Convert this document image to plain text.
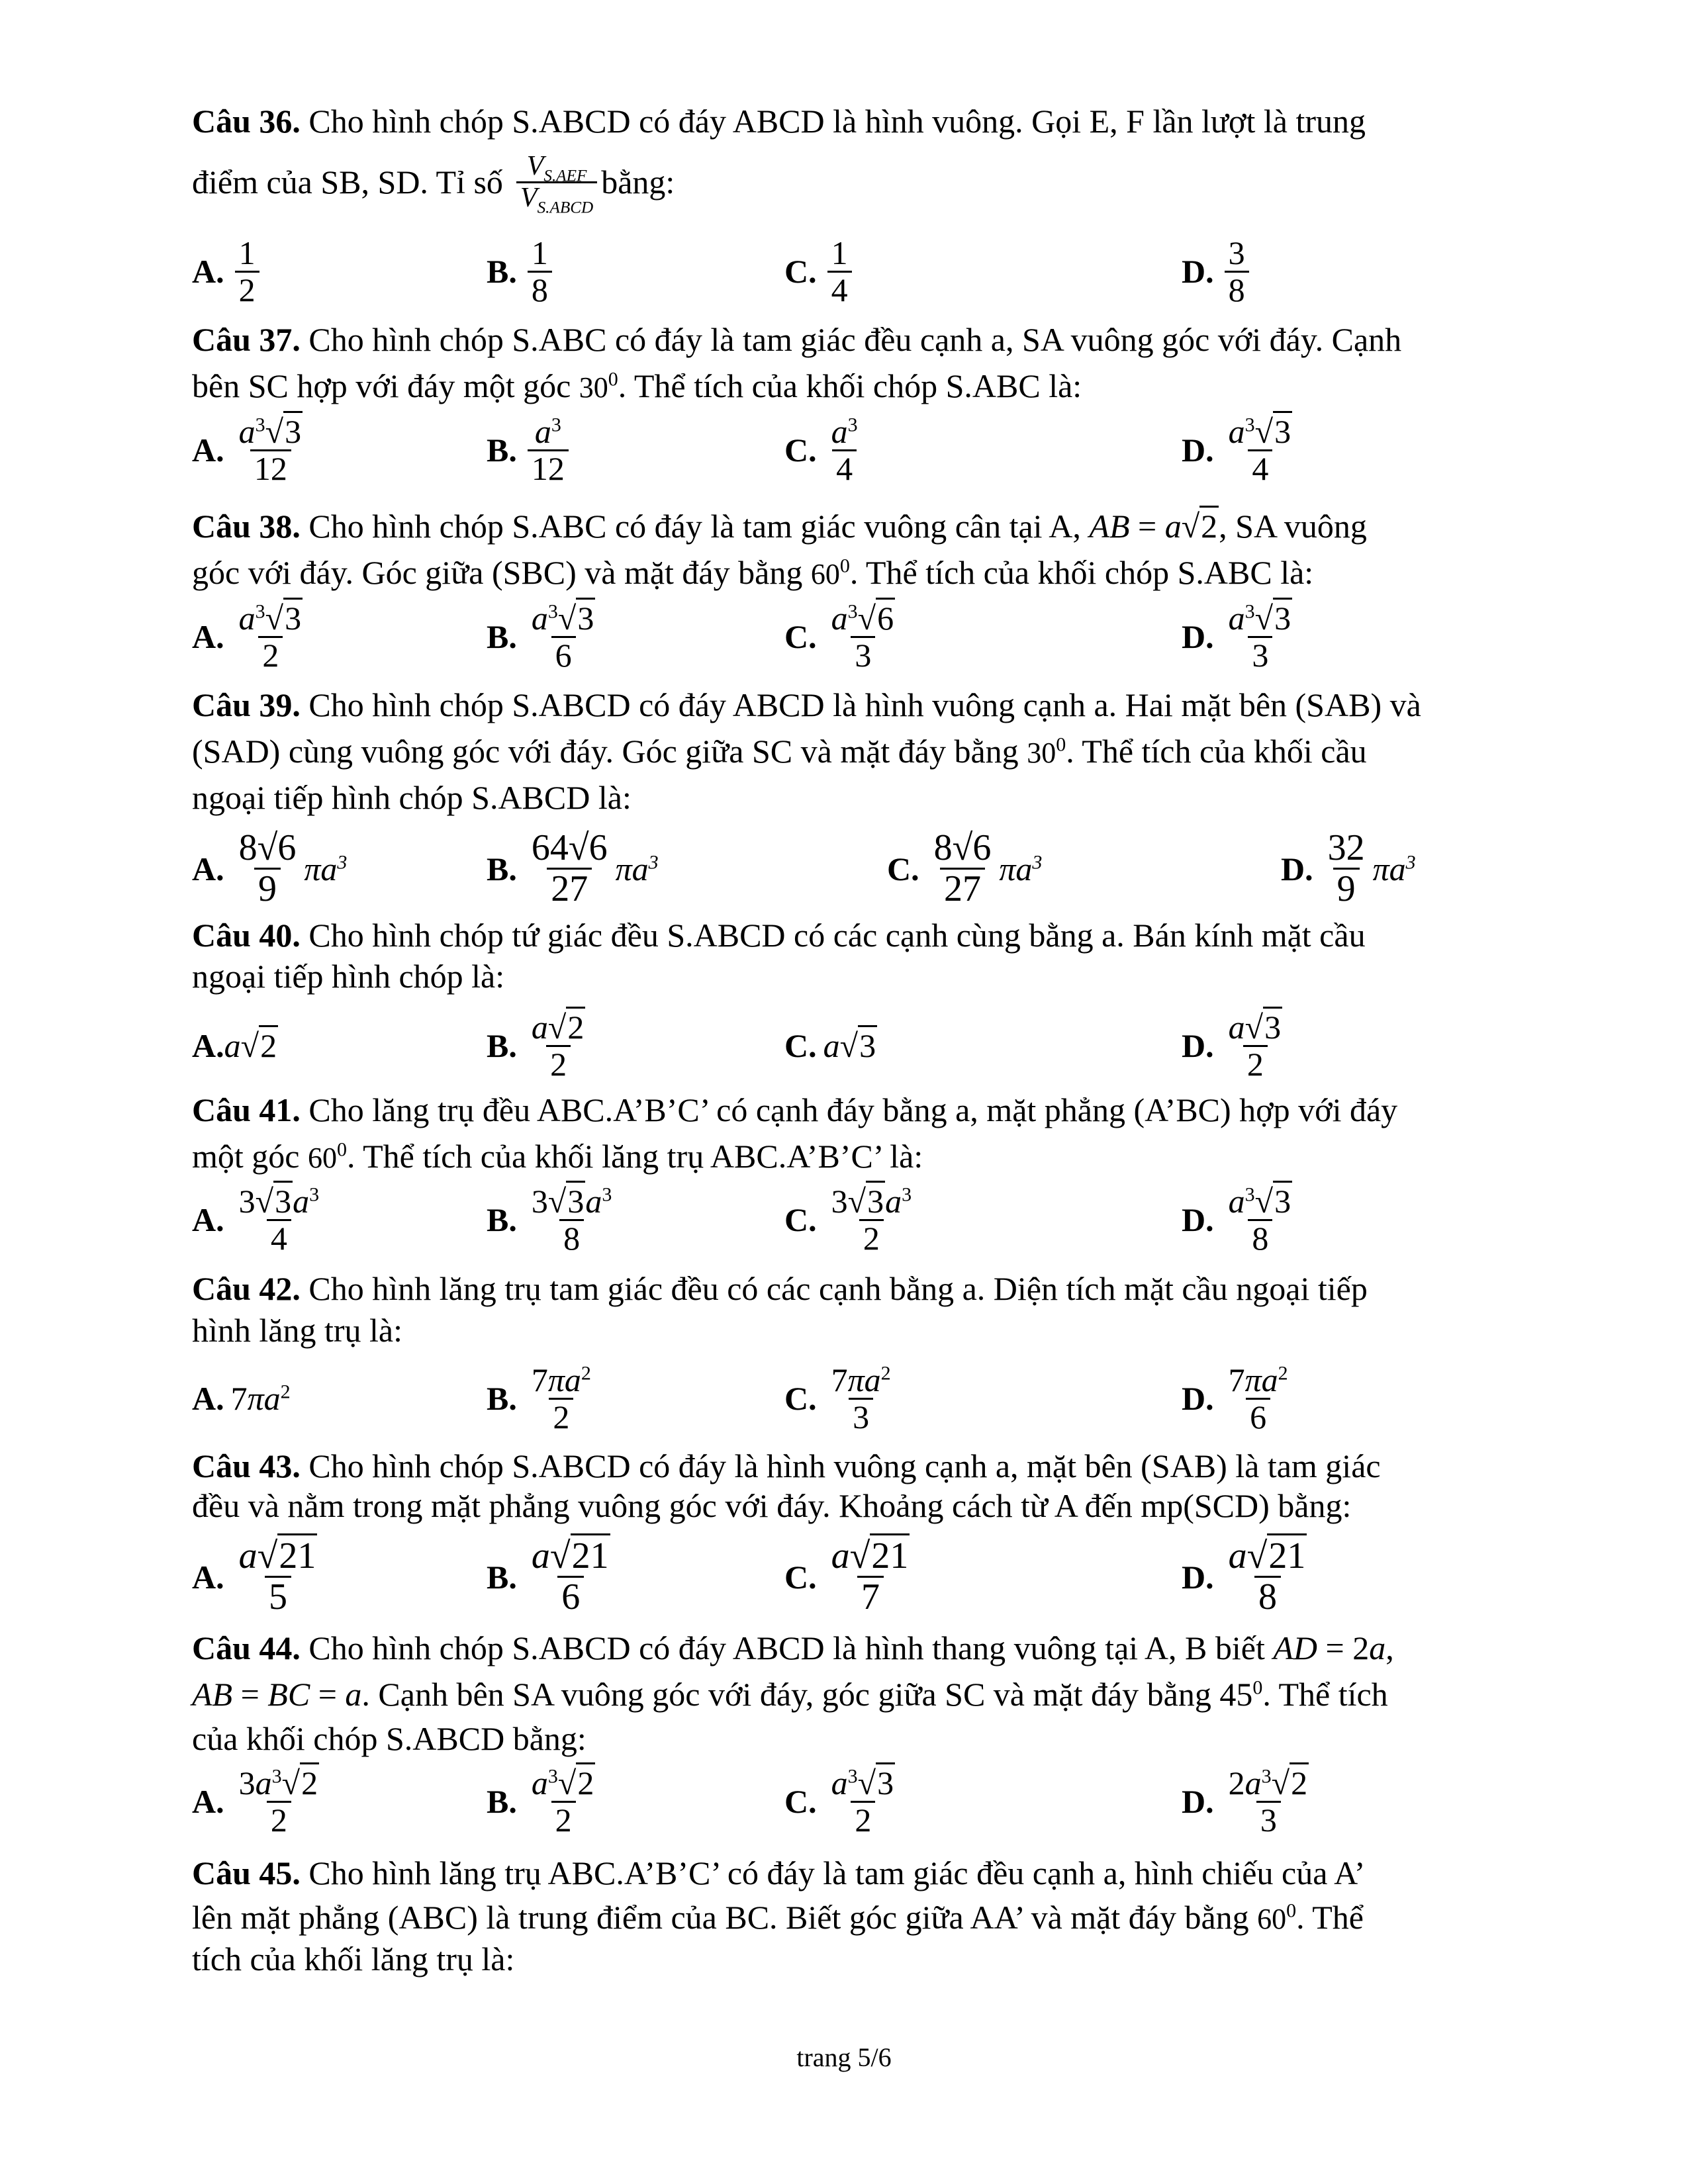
Câu 36. Cho hình chóp S.ABCD có đáy ABCD là hình vuông. Gọi E, F lần lượt là trung
điểm của SB, SD. Tỉ số $\frac{V_{S.AEF}}{V_{S.ABCD}}$ bằng:
A. $\frac{1}{2}$	B. $\frac{1}{8}$	C. $\frac{1}{4}$	D. $\frac{3}{8}$
Câu 37. Cho hình chóp S.ABC có đáy là tam giác đều cạnh a, SA vuông góc với đáy. Cạnh
bên SC hợp với đáy một góc $30^0$. Thể tích của khối chóp S.ABC là:
A. $\frac{a^3√3}{12}$	B. $\frac{a^3}{12}$	C. $\frac{a^3}{4}$	D. $\frac{a^3√3}{4}$
Câu 38. Cho hình chóp S.ABC có đáy là tam giác vuông cân tại A, AB = a√2, SA vuông
góc với đáy. Góc giữa (SBC) và mặt đáy bằng $60^0$. Thể tích của khối chóp S.ABC là:
A. $\frac{a^3√3}{2}$	B. $\frac{a^3√3}{6}$	C. $\frac{a^3√6}{3}$	D. $\frac{a^3√3}{3}$
Câu 39. Cho hình chóp S.ABCD có đáy ABCD là hình vuông cạnh a. Hai mặt bên (SAB) và
(SAD) cùng vuông góc với đáy. Góc giữa SC và mặt đáy bằng $30^0$. Thể tích của khối cầu
ngoại tiếp hình chóp S.ABCD là:
A. $\frac{8√6}{9} \pi a^3$	B. $\frac{64√6}{27} \pi a^3$	C. $\frac{8√6}{27} \pi a^3$	D. $\frac{32}{9} \pi a^3$
Câu 40. Cho hình chóp tứ giác đều S.ABCD có các cạnh cùng bằng a. Bán kính mặt cầu
ngoại tiếp hình chóp là:
A. a√2	B. $\frac{a√2}{2}$	C. a√3	D. $\frac{a√3}{2}$
Câu 41. Cho lăng trụ đều ABC.A’B’C’ có cạnh đáy bằng a, mặt phẳng (A’BC) hợp với đáy
một góc $60^0$. Thể tích của khối lăng trụ ABC.A’B’C’ là:
A. $\frac{3√3a^3}{4}$	B. $\frac{3√3a^3}{8}$	C. $\frac{3√3a^3}{2}$	D. $\frac{a^3√3}{8}$
Câu 42. Cho hình lăng trụ tam giác đều có các cạnh bằng a. Diện tích mặt cầu ngoại tiếp
hình lăng trụ là:
A. $7\pi a^2$	B. $\frac{7\pi a^2}{2}$	C. $\frac{7\pi a^2}{3}$	D. $\frac{7\pi a^2}{6}$
Câu 43. Cho hình chóp S.ABCD có đáy là hình vuông cạnh a, mặt bên (SAB) là tam giác
đều và nằm trong mặt phẳng vuông góc với đáy. Khoảng cách từ A đến mp(SCD) bằng:
A. $\frac{a√21}{5}$	B. $\frac{a√21}{6}$	C. $\frac{a√21}{7}$	D. $\frac{a√21}{8}$
Câu 44. Cho hình chóp S.ABCD có đáy ABCD là hình thang vuông tại A, B biết AD = 2a,
AB = BC = a. Cạnh bên SA vuông góc với đáy, góc giữa SC và mặt đáy bằng $45^0$. Thể tích
của khối chóp S.ABCD bằng:
A. $\frac{3a^3√2}{2}$	B. $\frac{a^3√2}{2}$	C. $\frac{a^3√3}{2}$	D. $\frac{2a^3√2}{3}$
Câu 45. Cho hình lăng trụ ABC.A’B’C’ có đáy là tam giác đều cạnh a, hình chiếu của A’
lên mặt phẳng (ABC) là trung điểm của BC. Biết góc giữa AA’ và mặt đáy bằng $60^0$. Thể
tích của khối lăng trụ là:
trang 5/6
